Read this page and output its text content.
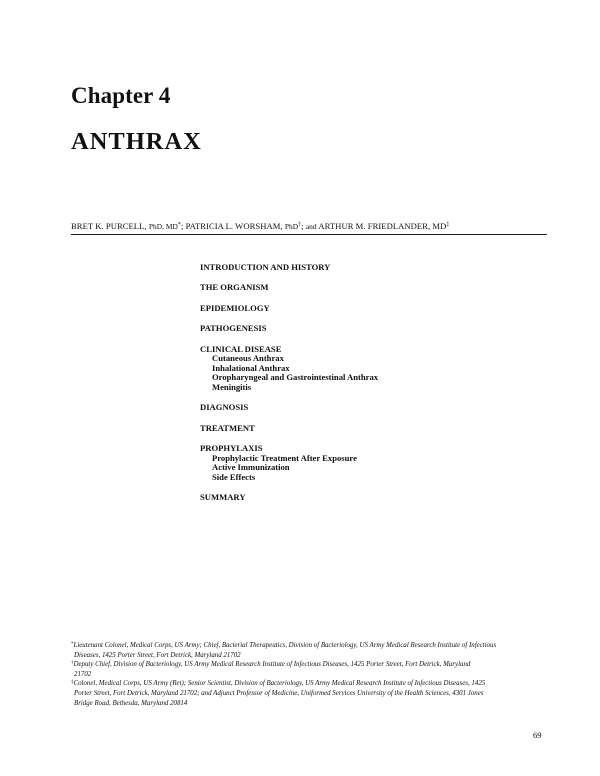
Chapter 4
ANTHRAX
BRET K. PURCELL, PhD, MD*; PATRICIA L. WORSHAM, PhD†; and ARTHUR M. FRIEDLANDER, MD‡
INTRODUCTION AND HISTORY
THE ORGANISM
EPIDEMIOLOGY
PATHOGENESIS
CLINICAL DISEASE
Cutaneous Anthrax
Inhalational Anthrax
Oropharyngeal and Gastrointestinal Anthrax
Meningitis
DIAGNOSIS
TREATMENT
PROPHYLAXIS
Prophylactic Treatment After Exposure
Active Immunization
Side Effects
SUMMARY
*Lieutenant Colonel, Medical Corps, US Army; Chief, Bacterial Therapeutics, Division of Bacteriology, US Army Medical Research Institute of Infectious
Diseases, 1425 Porter Street, Fort Detrick, Maryland 21702
†Deputy Chief, Division of Bacteriology, US Army Medical Research Institute of Infectious Diseases, 1425 Porter Street, Fort Detrick, Maryland
21702
‡Colonel, Medical Corps, US Army (Ret); Senior Scientist, Division of Bacteriology, US Army Medical Research Institute of Infectious Diseases, 1425
Porter Street, Fort Detrick, Maryland 21702; and Adjunct Professor of Medicine, Uniformed Services University of the Health Sciences, 4301 Jones
Bridge Road, Bethesda, Maryland 20814
69
